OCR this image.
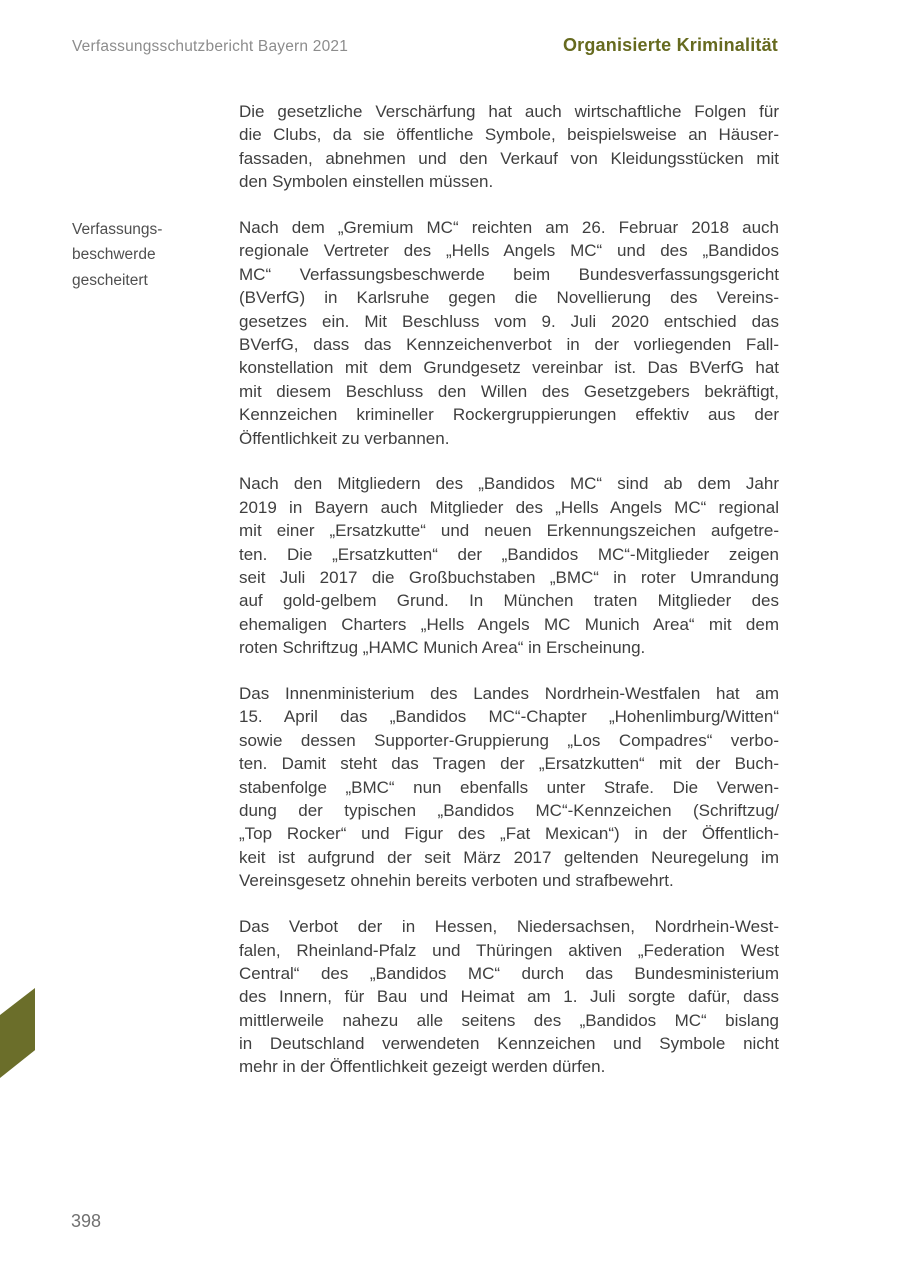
Verfassungsschutzbericht Bayern 2021	Organisierte Kriminalität
Verfassungs-
beschwerde
gescheitert
Die gesetzliche Verschärfung hat auch wirtschaftliche Folgen für
die Clubs, da sie öffentliche Symbole, beispielsweise an Häuser-
fassaden, abnehmen und den Verkauf von Kleidungsstücken mit
den Symbolen einstellen müssen.
Nach dem „Gremium MC“ reichten am 26. Februar 2018 auch
regionale Vertreter des „Hells Angels MC“ und des „Bandidos
MC“ Verfassungsbeschwerde beim Bundesverfassungsgericht
(BVerfG) in Karlsruhe gegen die Novellierung des Vereins-
gesetzes ein. Mit Beschluss vom 9. Juli 2020 entschied das
BVerfG, dass das Kennzeichenverbot in der vorliegenden Fall-
konstellation mit dem Grundgesetz vereinbar ist. Das BVerfG hat
mit diesem Beschluss den Willen des Gesetzgebers bekräftigt,
Kennzeichen krimineller Rockergruppierungen effektiv aus der
Öffentlichkeit zu verbannen.
Nach den Mitgliedern des „Bandidos MC“ sind ab dem Jahr
2019 in Bayern auch Mitglieder des „Hells Angels MC“ regional
mit einer „Ersatzkutte“ und neuen Erkennungszeichen aufgetre-
ten. Die „Ersatzkutten“ der „Bandidos MC“-Mitglieder zeigen
seit Juli 2017 die Großbuchstaben „BMC“ in roter Umrandung
auf gold-gelbem Grund. In München traten Mitglieder des
ehemaligen Charters „Hells Angels MC Munich Area“ mit dem
roten Schriftzug „HAMC Munich Area“ in Erscheinung.
Das Innenministerium des Landes Nordrhein-Westfalen hat am
15. April das „Bandidos MC“-Chapter „Hohenlimburg/Witten“
sowie dessen Supporter-Gruppierung „Los Compadres“ verbo-
ten. Damit steht das Tragen der „Ersatzkutten“ mit der Buch-
stabenfolge „BMC“ nun ebenfalls unter Strafe. Die Verwen-
dung der typischen „Bandidos MC“-Kennzeichen (Schriftzug/
„Top Rocker“ und Figur des „Fat Mexican“) in der Öffentlich-
keit ist aufgrund der seit März 2017 geltenden Neuregelung im
Vereinsgesetz ohnehin bereits verboten und strafbewehrt.
Das Verbot der in Hessen, Niedersachsen, Nordrhein-West-
falen, Rheinland-Pfalz und Thüringen aktiven „Federation West
Central“ des „Bandidos MC“ durch das Bundesministerium
des Innern, für Bau und Heimat am 1. Juli sorgte dafür, dass
mittlerweile nahezu alle seitens des „Bandidos MC“ bislang
in Deutschland verwendeten Kennzeichen und Symbole nicht
mehr in der Öffentlichkeit gezeigt werden dürfen.
398
